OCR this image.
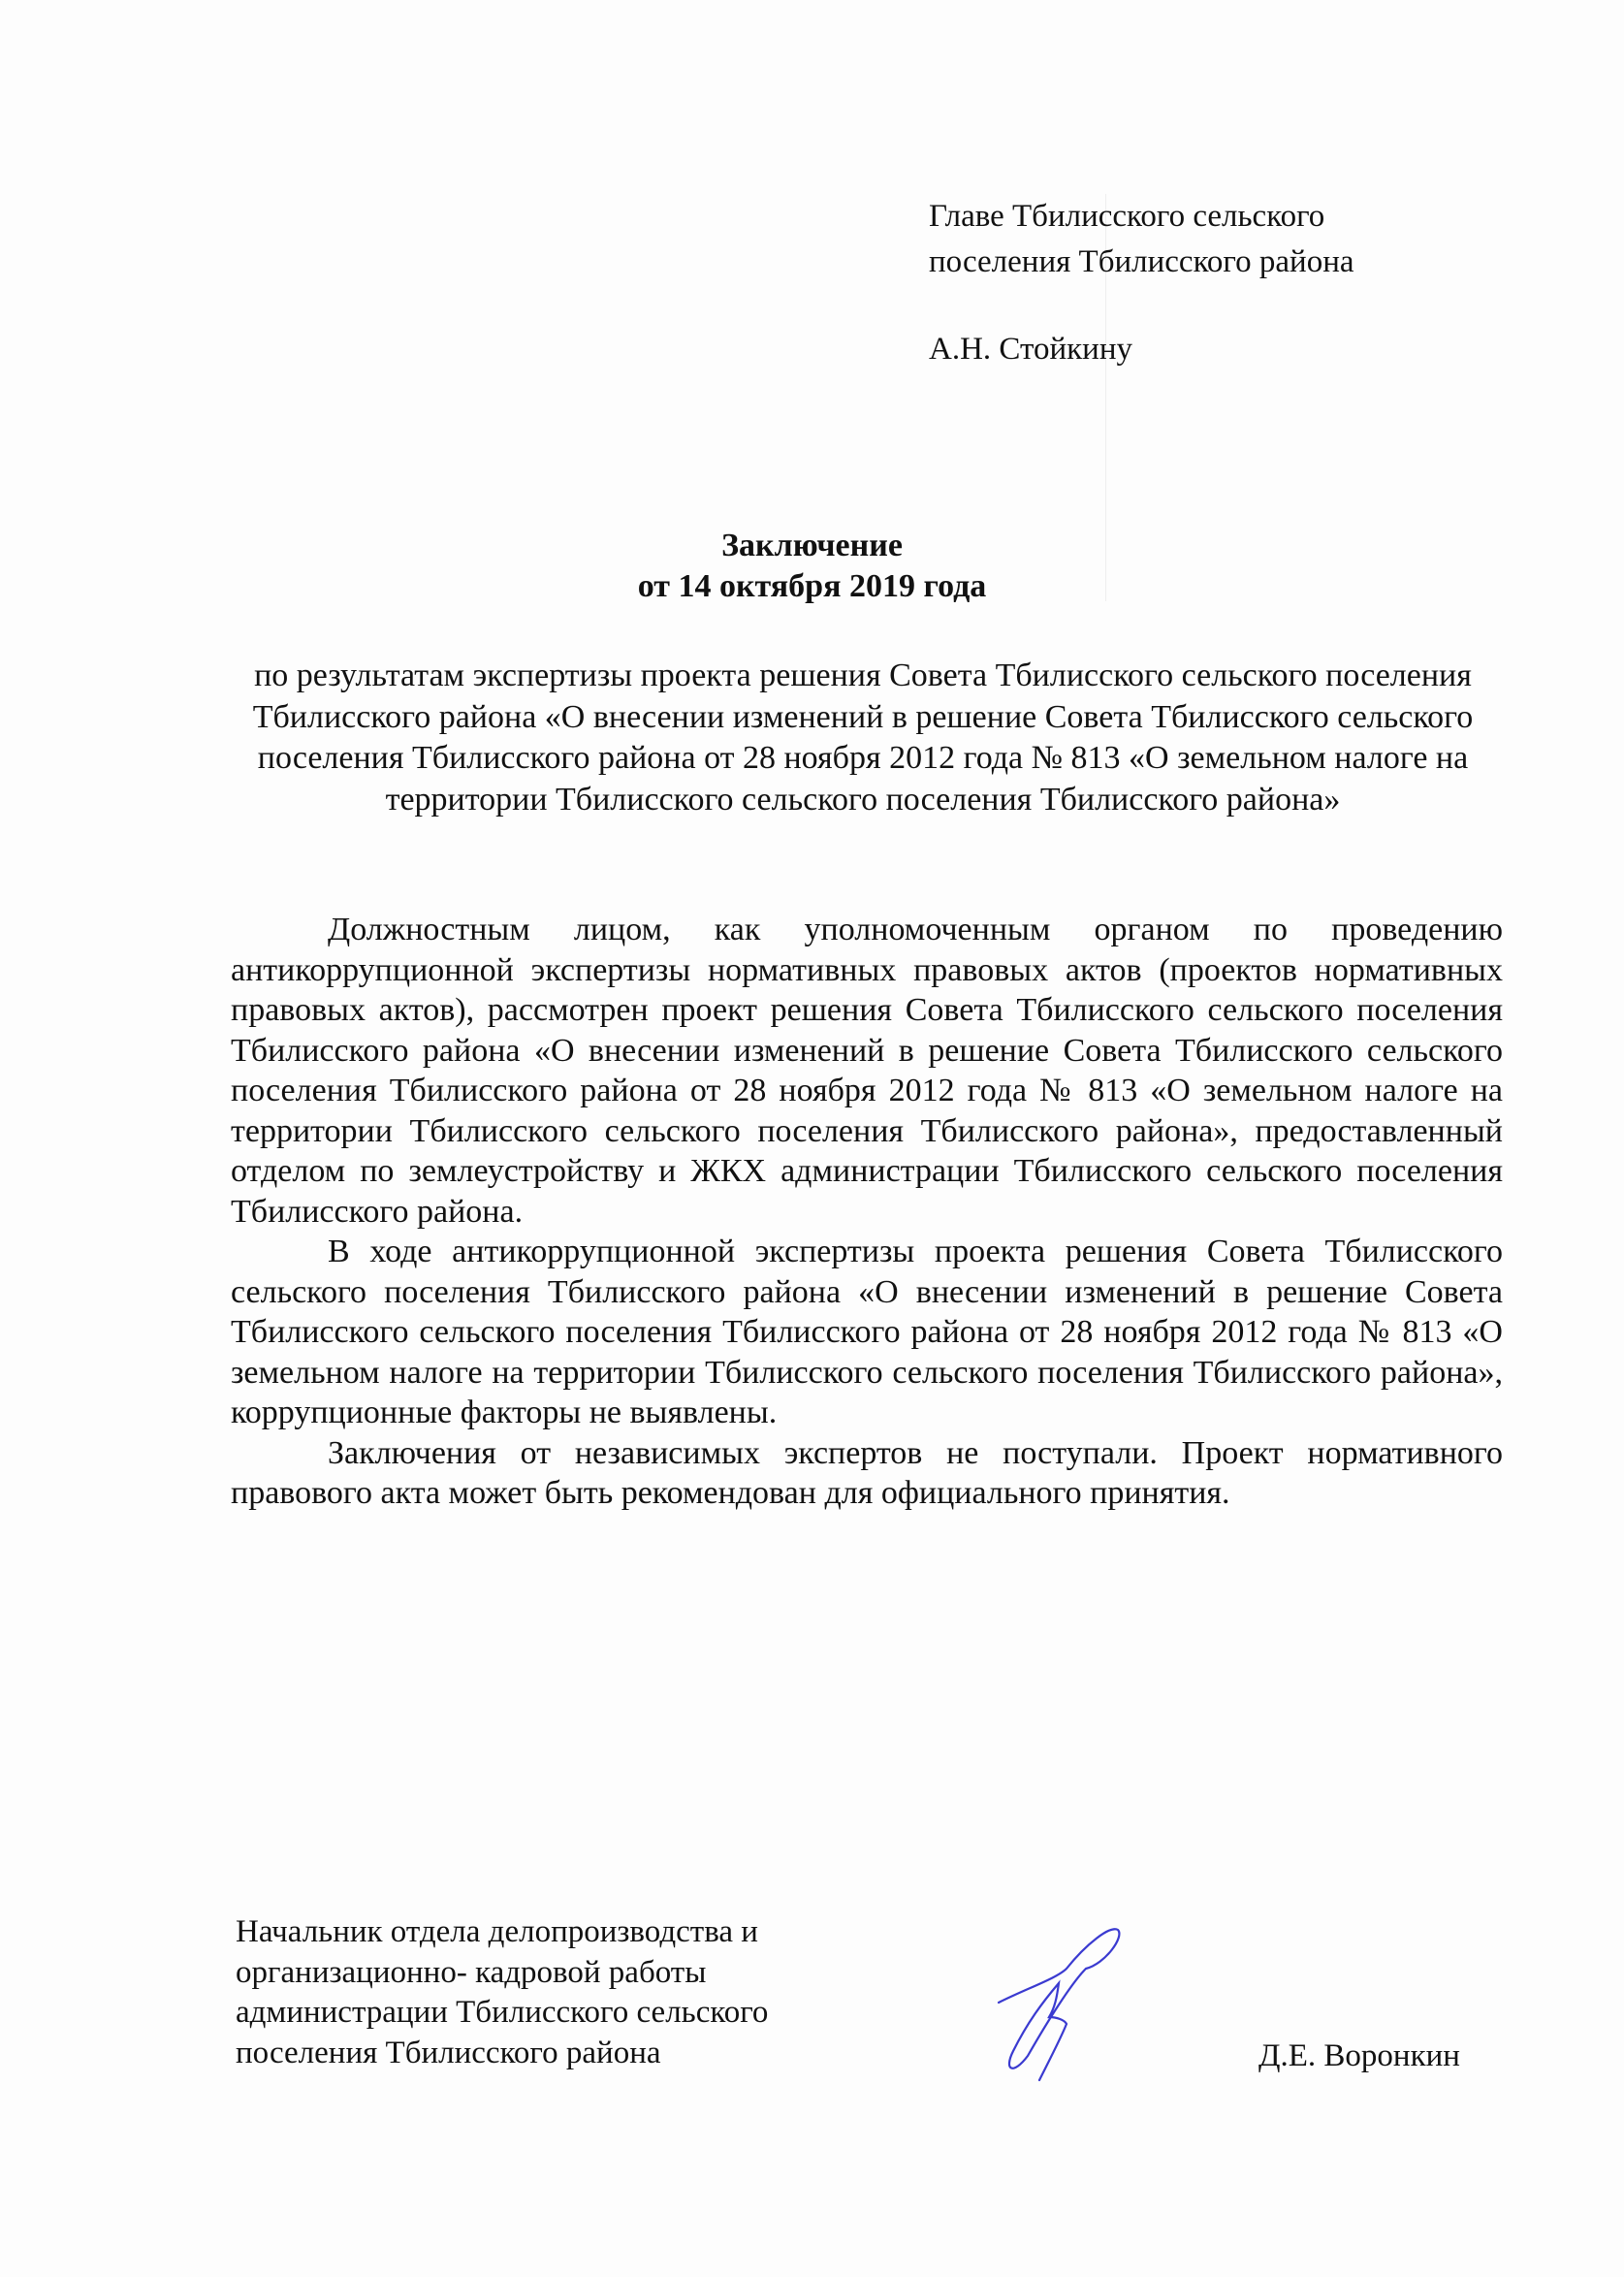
Главе Тбилисского сельского
поселения Тбилисского района
А.Н. Стойкину
Заключение
от 14 октября 2019 года
по результатам экспертизы проекта решения Совета Тбилисского сельского поселения Тбилисского района «О внесении изменений в решение Совета Тбилисского сельского поселения Тбилисского района от 28 ноября 2012 года № 813 «О земельном налоге на территории Тбилисского сельского поселения Тбилисского района»

Должностным лицом, как уполномоченным органом по проведению антикоррупционной экспертизы нормативных правовых актов (проектов нормативных правовых актов), рассмотрен проект решения Совета Тбилисского сельского поселения Тбилисского района «О внесении изменений в решение Совета Тбилисского сельского поселения Тбилисского района от 28 ноября 2012 года № 813 «О земельном налоге на территории Тбилисского сельского поселения Тбилисского района», предоставленный отделом по землеустройству и ЖКХ администрации Тбилисского сельского поселения Тбилисского района.

В ходе антикоррупционной экспертизы проекта решения Совета Тбилисского сельского поселения Тбилисского района «О внесении изменений в решение Совета Тбилисского сельского поселения Тбилисского района от 28 ноября 2012 года № 813 «О земельном налоге на территории Тбилисского сельского поселения Тбилисского района», коррупционные факторы не выявлены.

Заключения от независимых экспертов не поступали. Проект нормативного правового акта может быть рекомендован для официального принятия.

Начальник отдела делопроизводства и
организационно- кадровой работы
администрации Тбилисского сельского
поселения Тбилисского района	Д.Е. Воронкин
